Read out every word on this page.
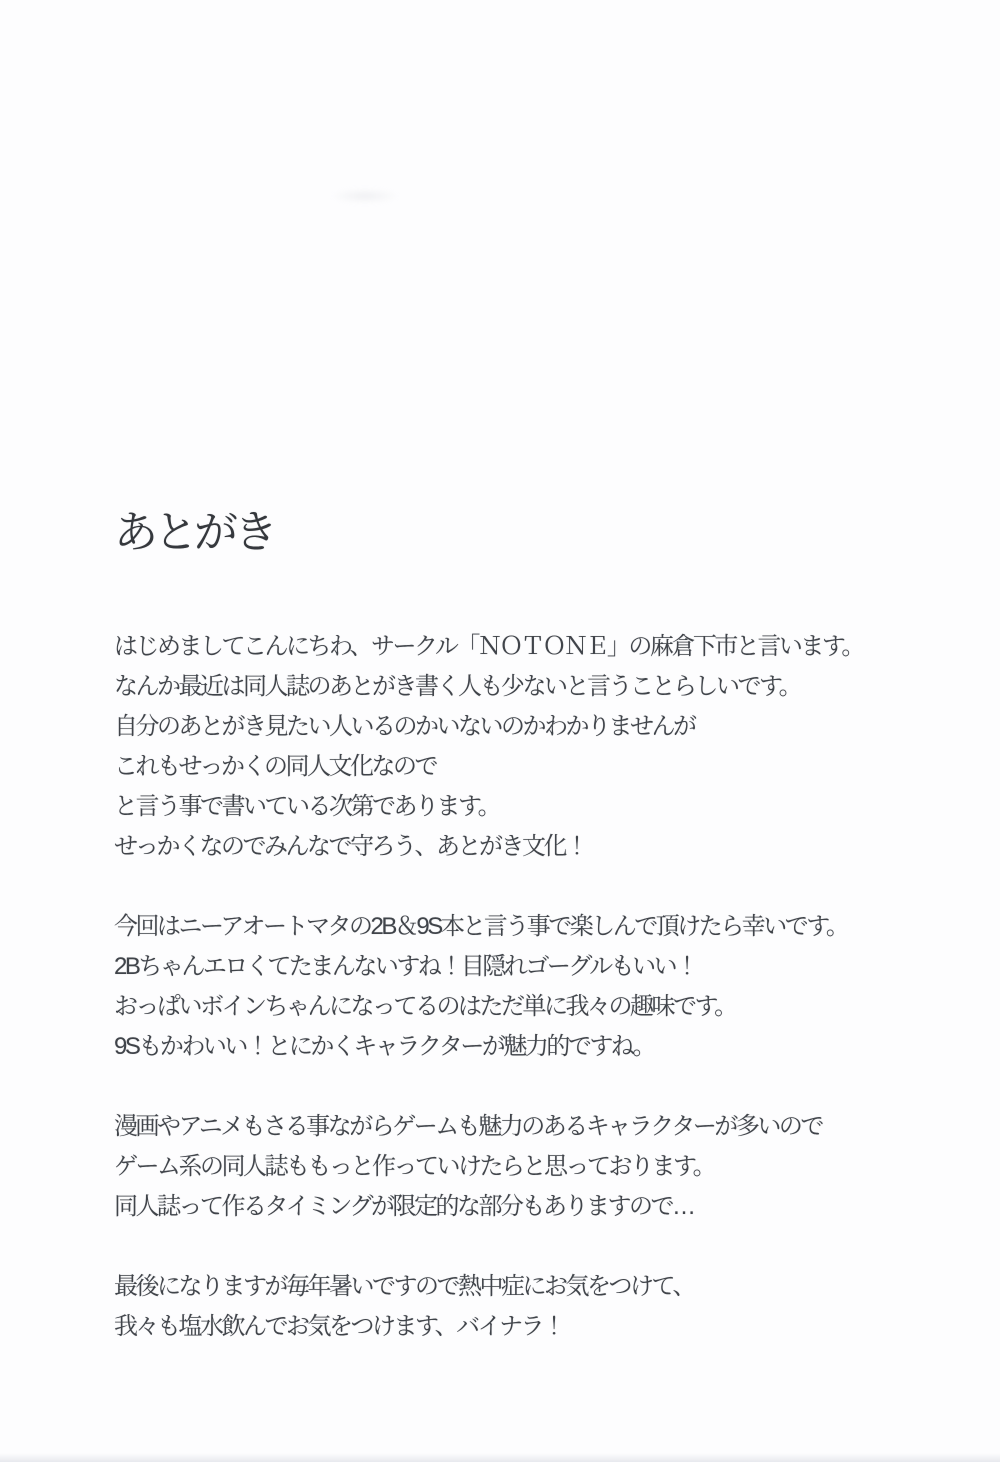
あとがき

はじめましてこんにちわ、サークル「ＮＯＴＯＮＥ」の麻倉下市と言います。
なんか最近は同人誌のあとがき書く人も少ないと言うことらしいです。
自分のあとがき見たい人いるのかいないのかわかりませんが
これもせっかくの同人文化なので
と言う事で書いている次第であります。
せっかくなのでみんなで守ろう、あとがき文化！

今回はニーアオートマタの2B＆9S本と言う事で楽しんで頂けたら幸いです。
2Bちゃんエロくてたまんないすね！目隠れゴーグルもいい！
おっぱいボインちゃんになってるのはただ単に我々の趣味です。
9Sもかわいい！とにかくキャラクターが魅力的ですね。

漫画やアニメもさる事ながらゲームも魅力のあるキャラクターが多いので
ゲーム系の同人誌ももっと作っていけたらと思っております。
同人誌って作るタイミングが限定的な部分もありますので…

最後になりますが毎年暑いですので熱中症にお気をつけて、
我々も塩水飲んでお気をつけます、バイナラ！
